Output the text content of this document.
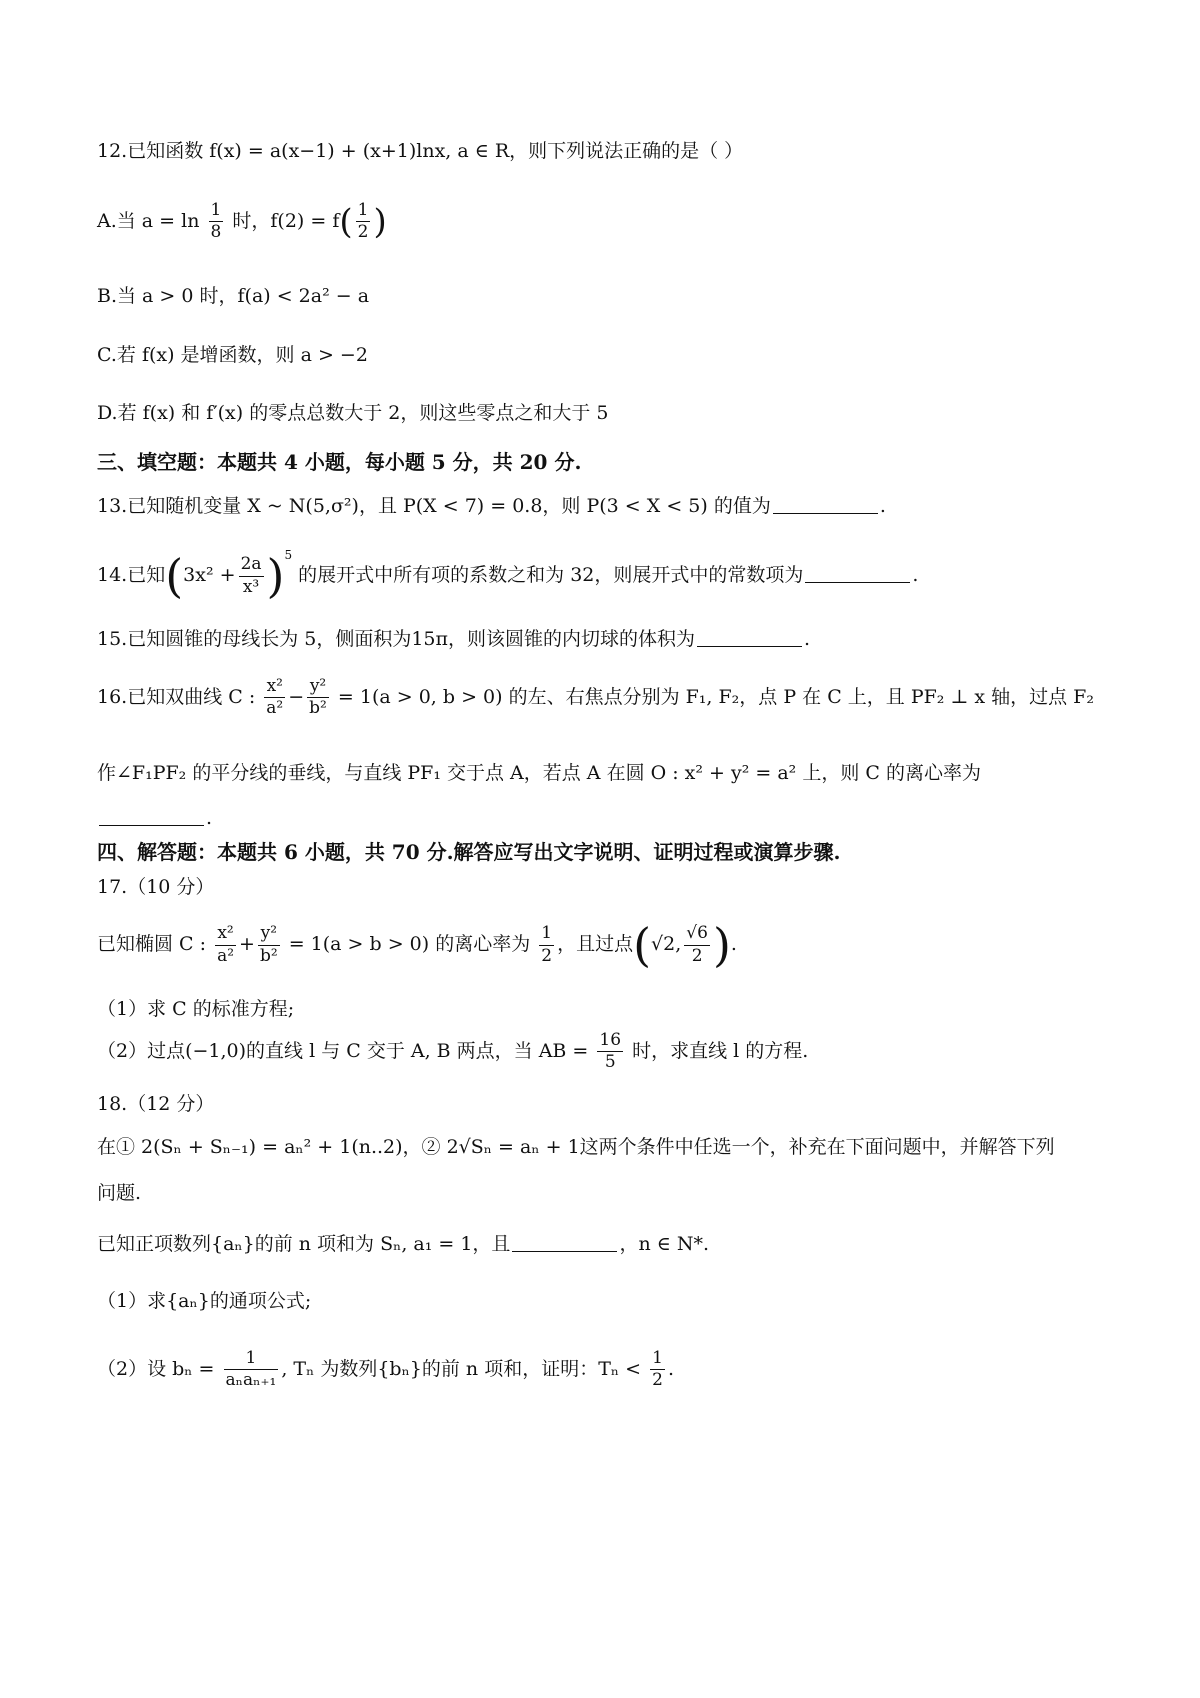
12.已知函数 f(x) = a(x−1) + (x+1)lnx, a ∈ R，则下列说法正确的是（ ）
A.当 $a = \ln \frac{1}{8}$ 时，$f(2) = f( \frac{1}{2}$ )
B.当 a > 0 时，f(a) < 2a² − a
C.若 f(x) 是增函数，则 a > −2
D.若 f(x) 和 f′(x) 的零点总数大于 2，则这些零点之和大于 5
三、填空题：本题共 4 小题，每小题 5 分，共 20 分.
13.已知随机变量 X ~ N(5,σ²)，且 P(X < 7) = 0.8，则 P(3 < X < 5) 的值为	.
14.已知$(3x^2 + \frac{2a}{\text{x³}} )^5$ 的展开式中所有项的系数之和为 32，则展开式中的常数项为	.
15.已知圆锥的母线长为 5，侧面积为15π，则该圆锥的内切球的体积为	.
16.已知双曲线 C : $\frac{\text{x²}}{\text{a²}} - \frac{\text{y²}}{\text{b²}} = 1(a > 0$, b > 0) 的左、右焦点分别为 F₁, F₂，点 P 在 C 上，且 PF₂ ⊥ x 轴，过点 F₂
作∠F₁PF₂ 的平分线的垂线，与直线 PF₁ 交于点 A，若点 A 在圆 O : x² + y² = a² 上，则 C 的离心率为
.
四、解答题：本题共 6 小题，共 70 分.解答应写出文字说明、证明过程或演算步骤.
17.（10 分）
已知椭圆 C : $\frac{\text{x²}}{\text{a²}} + \frac{\text{y²}}{\text{b²}} = 1(a > b > 0)$ 的离心率为 $\frac{1}{2}$ ，且过点(√2, $\frac{√6}{2}$ ).
（1）求 C 的标准方程;
（2）过点(−1,0)的直线 l 与 C 交于 A, B 两点，当 AB = $\frac{16}{5}$ 时，求直线 l 的方程.
18.（12 分）
在① 2(Sₙ + Sₙ₋₁) = aₙ² + 1(n..2)，② 2√Sₙ = aₙ + 1这两个条件中任选一个，补充在下面问题中，并解答下列
问题.
已知正项数列{aₙ}的前 n 项和为 Sₙ, a₁ = 1，且	，n ∈ N*.
（1）求{aₙ}的通项公式;
（2）设 bₙ =	1
aₙaₙ₊₁
, Tₙ 为数列{bₙ}的前 n 项和，证明：$T_n < \frac{1}{2}$ .
